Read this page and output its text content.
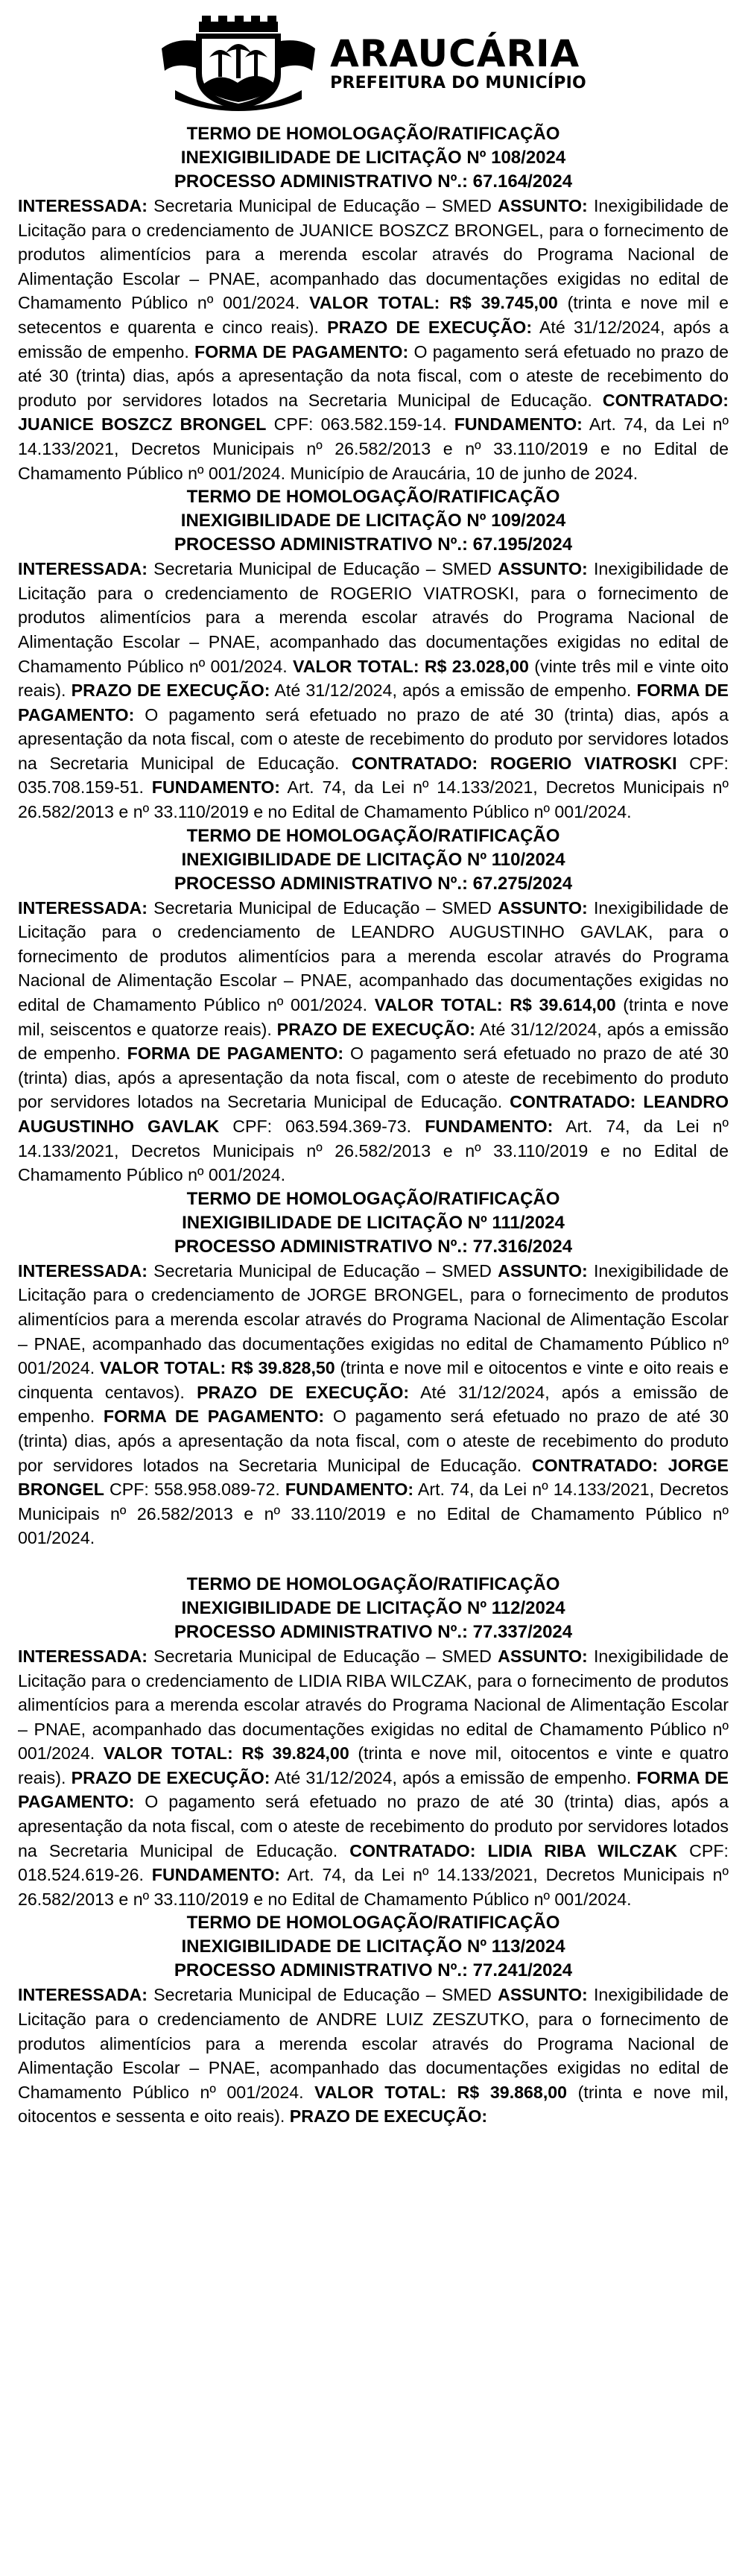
ARAUCÁRIA
PREFEITURA DO MUNICÍPIO
TERMO DE HOMOLOGAÇÃO/RATIFICAÇÃO
INEXIGIBILIDADE DE LICITAÇÃO Nº 108/2024
PROCESSO ADMINISTRATIVO Nº.: 67.164/2024

INTERESSADA: Secretaria Municipal de Educação – SMED ASSUNTO: Inexigibilidade de Licitação para o credenciamento de JUANICE BOSZCZ BRONGEL, para o fornecimento de produtos alimentícios para a merenda escolar através do Programa Nacional de Alimentação Escolar – PNAE, acompanhado das documentações exigidas no edital de Chamamento Público nº 001/2024. VALOR TOTAL: R$ 39.745,00 (trinta e nove mil e setecentos e quarenta e cinco reais). PRAZO DE EXECUÇÃO: Até 31/12/2024, após a emissão de empenho. FORMA DE PAGAMENTO: O pagamento será efetuado no prazo de até 30 (trinta) dias, após a apresentação da nota fiscal, com o ateste de recebimento do produto por servidores lotados na Secretaria Municipal de Educação. CONTRATADO: JUANICE BOSZCZ BRONGEL CPF: 063.582.159-14. FUNDAMENTO: Art. 74, da Lei nº 14.133/2021, Decretos Municipais nº 26.582/2013 e nº 33.110/2019 e no Edital de Chamamento Público nº 001/2024. Município de Araucária, 10 de junho de 2024.

TERMO DE HOMOLOGAÇÃO/RATIFICAÇÃO
INEXIGIBILIDADE DE LICITAÇÃO Nº 109/2024
PROCESSO ADMINISTRATIVO Nº.: 67.195/2024

INTERESSADA: Secretaria Municipal de Educação – SMED ASSUNTO: Inexigibilidade de Licitação para o credenciamento de ROGERIO VIATROSKI, para o fornecimento de produtos alimentícios para a merenda escolar através do Programa Nacional de Alimentação Escolar – PNAE, acompanhado das documentações exigidas no edital de Chamamento Público nº 001/2024. VALOR TOTAL: R$ 23.028,00 (vinte três mil e vinte oito reais). PRAZO DE EXECUÇÃO: Até 31/12/2024, após a emissão de empenho. FORMA DE PAGAMENTO: O pagamento será efetuado no prazo de até 30 (trinta) dias, após a apresentação da nota fiscal, com o ateste de recebimento do produto por servidores lotados na Secretaria Municipal de Educação. CONTRATADO: ROGERIO VIATROSKI CPF: 035.708.159-51. FUNDAMENTO: Art. 74, da Lei nº 14.133/2021, Decretos Municipais nº 26.582/2013 e nº 33.110/2019 e no Edital de Chamamento Público nº 001/2024.

TERMO DE HOMOLOGAÇÃO/RATIFICAÇÃO
INEXIGIBILIDADE DE LICITAÇÃO Nº 110/2024
PROCESSO ADMINISTRATIVO Nº.: 67.275/2024

INTERESSADA: Secretaria Municipal de Educação – SMED ASSUNTO: Inexigibilidade de Licitação para o credenciamento de LEANDRO AUGUSTINHO GAVLAK, para o fornecimento de produtos alimentícios para a merenda escolar através do Programa Nacional de Alimentação Escolar – PNAE, acompanhado das documentações exigidas no edital de Chamamento Público nº 001/2024. VALOR TOTAL: R$ 39.614,00 (trinta e nove mil, seiscentos e quatorze reais). PRAZO DE EXECUÇÃO: Até 31/12/2024, após a emissão de empenho. FORMA DE PAGAMENTO: O pagamento será efetuado no prazo de até 30 (trinta) dias, após a apresentação da nota fiscal, com o ateste de recebimento do produto por servidores lotados na Secretaria Municipal de Educação. CONTRATADO: LEANDRO AUGUSTINHO GAVLAK CPF: 063.594.369-73. FUNDAMENTO: Art. 74, da Lei nº 14.133/2021, Decretos Municipais nº 26.582/2013 e nº 33.110/2019 e no Edital de Chamamento Público nº 001/2024.

TERMO DE HOMOLOGAÇÃO/RATIFICAÇÃO
INEXIGIBILIDADE DE LICITAÇÃO Nº 111/2024
PROCESSO ADMINISTRATIVO Nº.: 77.316/2024

INTERESSADA: Secretaria Municipal de Educação – SMED ASSUNTO: Inexigibilidade de Licitação para o credenciamento de JORGE BRONGEL, para o fornecimento de produtos alimentícios para a merenda escolar através do Programa Nacional de Alimentação Escolar – PNAE, acompanhado das documentações exigidas no edital de Chamamento Público nº 001/2024. VALOR TOTAL: R$ 39.828,50 (trinta e nove mil e oitocentos e vinte e oito reais e cinquenta centavos). PRAZO DE EXECUÇÃO: Até 31/12/2024, após a emissão de empenho. FORMA DE PAGAMENTO: O pagamento será efetuado no prazo de até 30 (trinta) dias, após a apresentação da nota fiscal, com o ateste de recebimento do produto por servidores lotados na Secretaria Municipal de Educação. CONTRATADO: JORGE BRONGEL CPF: 558.958.089-72. FUNDAMENTO: Art. 74, da Lei nº 14.133/2021, Decretos Municipais nº 26.582/2013 e nº 33.110/2019 e no Edital de Chamamento Público nº 001/2024.

TERMO DE HOMOLOGAÇÃO/RATIFICAÇÃO
INEXIGIBILIDADE DE LICITAÇÃO Nº 112/2024
PROCESSO ADMINISTRATIVO Nº.: 77.337/2024

INTERESSADA: Secretaria Municipal de Educação – SMED ASSUNTO: Inexigibilidade de Licitação para o credenciamento de LIDIA RIBA WILCZAK, para o fornecimento de produtos alimentícios para a merenda escolar através do Programa Nacional de Alimentação Escolar – PNAE, acompanhado das documentações exigidas no edital de Chamamento Público nº 001/2024. VALOR TOTAL: R$ 39.824,00 (trinta e nove mil, oitocentos e vinte e quatro reais). PRAZO DE EXECUÇÃO: Até 31/12/2024, após a emissão de empenho. FORMA DE PAGAMENTO: O pagamento será efetuado no prazo de até 30 (trinta) dias, após a apresentação da nota fiscal, com o ateste de recebimento do produto por servidores lotados na Secretaria Municipal de Educação. CONTRATADO: LIDIA RIBA WILCZAK CPF: 018.524.619-26. FUNDAMENTO: Art. 74, da Lei nº 14.133/2021, Decretos Municipais nº 26.582/2013 e nº 33.110/2019 e no Edital de Chamamento Público nº 001/2024.

TERMO DE HOMOLOGAÇÃO/RATIFICAÇÃO
INEXIGIBILIDADE DE LICITAÇÃO Nº 113/2024
PROCESSO ADMINISTRATIVO Nº.: 77.241/2024

INTERESSADA: Secretaria Municipal de Educação – SMED ASSUNTO: Inexigibilidade de Licitação para o credenciamento de ANDRE LUIZ ZESZUTKO, para o fornecimento de produtos alimentícios para a merenda escolar através do Programa Nacional de Alimentação Escolar – PNAE, acompanhado das documentações exigidas no edital de Chamamento Público nº 001/2024. VALOR TOTAL: R$ 39.868,00 (trinta e nove mil, oitocentos e sessenta e oito reais). PRAZO DE EXECUÇÃO:
